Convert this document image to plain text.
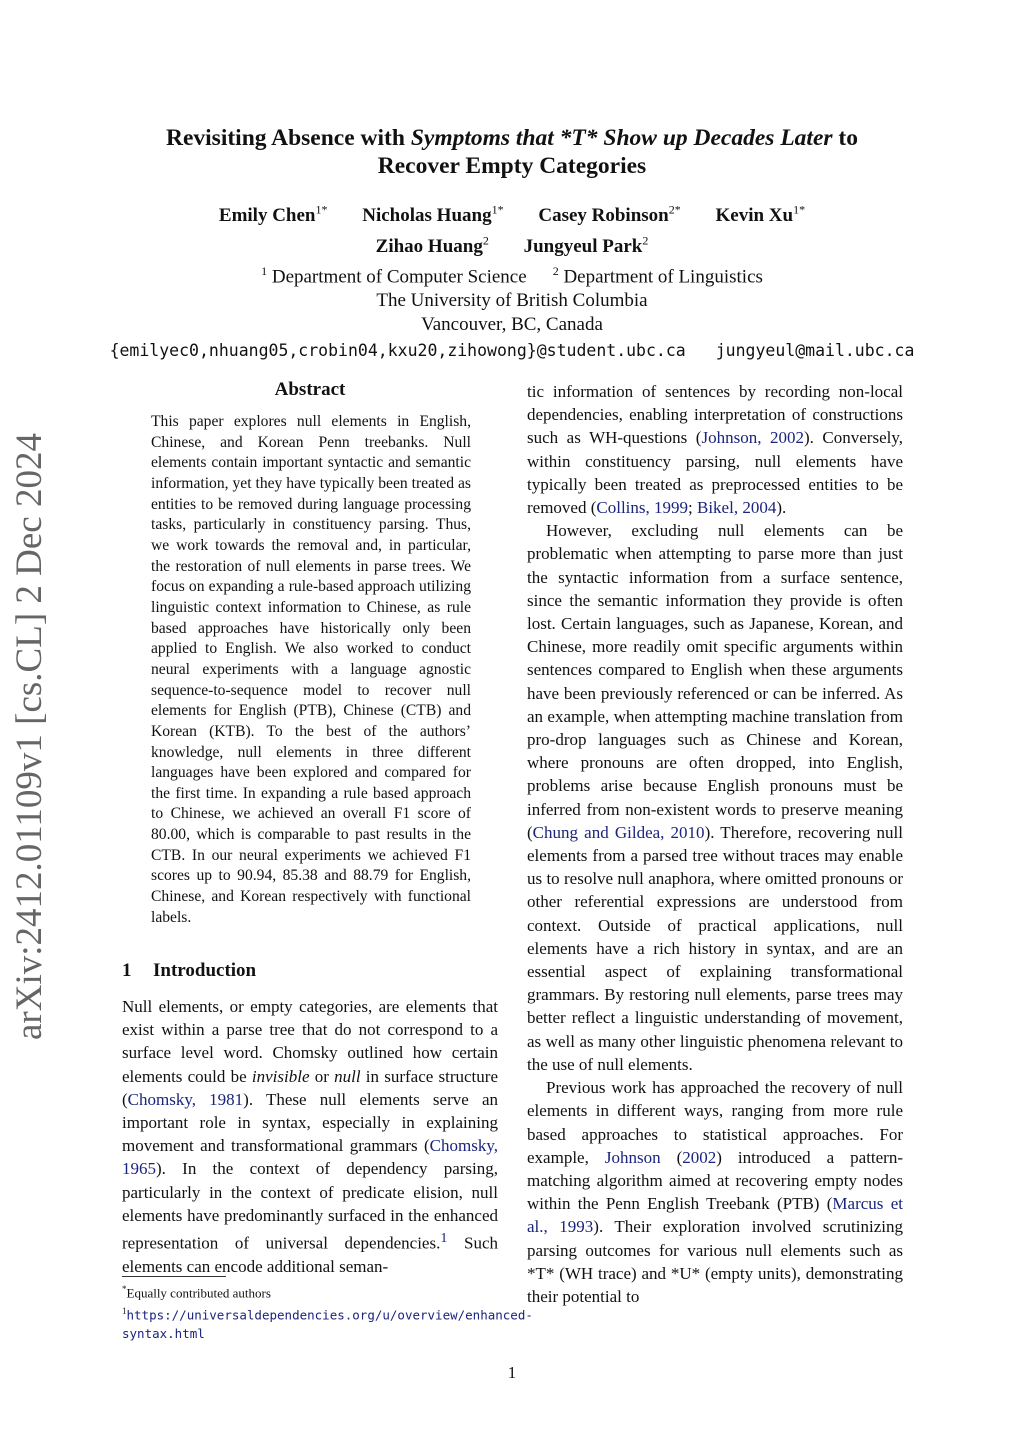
arXiv:2412.01109v1 [cs.CL] 2 Dec 2024
Revisiting Absence with Symptoms that *T* Show up Decades Later to
Recover Empty Categories
Emily Chen$^{1*}$ Nicholas Huang$^{1*}$ Casey Robinson$^{2*}$ Kevin $Xu^{1*}$
Zihao Huang$^2$ Jungyeul Park$^2$
$^1$ Department of Computer Science $^2$ Department of Linguistics
The University of British Columbia
Vancouver, BC, Canada
{emilyec0,nhuang05,crobin04,kxu20,zihowong}@student.ubc.ca jungyeul@mail.ubc.ca
Abstract
This paper explores null elements in English, Chinese, and Korean Penn treebanks. Null elements contain important syntactic and semantic information, yet they have typically been treated as entities to be removed during language processing tasks, particularly in constituency parsing. Thus, we work towards the removal and, in particular, the restoration of null elements in parse trees. We focus on expanding a rule-based approach utilizing linguistic context information to Chinese, as rule based approaches have historically only been applied to English. We also worked to conduct neural experiments with a language agnostic sequence-to-sequence model to recover null elements for English (PTB), Chinese (CTB) and Korean (KTB). To the best of the authors’ knowledge, null elements in three different languages have been explored and compared for the first time. In expanding a rule based approach to Chinese, we achieved an overall F1 score of 80.00, which is comparable to past results in the CTB. In our neural experiments we achieved F1 scores up to 90.94, 85.38 and 88.79 for English, Chinese, and Korean respectively with functional labels.
1 Introduction

Null elements, or empty categories, are elements that exist within a parse tree that do not correspond to a surface level word. Chomsky outlined how certain elements could be invisible or null in surface structure (Chomsky, 1981). These null elements serve an important role in syntax, especially in explaining movement and transformational grammars (Chomsky, 1965). In the context of dependency parsing, particularly in the context of predicate elision, null elements have predominantly surfaced in the enhanced representation of universal dependencies.$^1$ Such elements can encode additional seman-

tic information of sentences by recording non-local dependencies, enabling interpretation of constructions such as WH-questions (Johnson, 2002). Conversely, within constituency parsing, null elements have typically been treated as preprocessed entities to be removed (Collins, 1999; Bikel, 2004).

However, excluding null elements can be problematic when attempting to parse more than just the syntactic information from a surface sentence, since the semantic information they provide is often lost. Certain languages, such as Japanese, Korean, and Chinese, more readily omit specific arguments within sentences compared to English when these arguments have been previously referenced or can be inferred. As an example, when attempting machine translation from pro-drop languages such as Chinese and Korean, where pronouns are often dropped, into English, problems arise because English pronouns must be inferred from non-existent words to preserve meaning (Chung and Gildea, 2010). Therefore, recovering null elements from a parsed tree without traces may enable us to resolve null anaphora, where omitted pronouns or other referential expressions are understood from context. Outside of practical applications, null elements have a rich history in syntax, and are an essential aspect of explaining transformational grammars. By restoring null elements, parse trees may better reflect a linguistic understanding of movement, as well as many other linguistic phenomena relevant to the use of null elements.

Previous work has approached the recovery of null elements in different ways, ranging from more rule based approaches to statistical approaches. For example, Johnson (2002) introduced a pattern-matching algorithm aimed at recovering empty nodes within the Penn English Treebank (PTB) (Marcus et al., 1993). Their exploration involved scrutinizing parsing outcomes for various null elements such as *T* (WH trace) and *U* (empty units), demonstrating their potential to

*Equally contributed authors
$^1$https://universaldependencies.org/u/overview/enhanced-syntax.html
1
